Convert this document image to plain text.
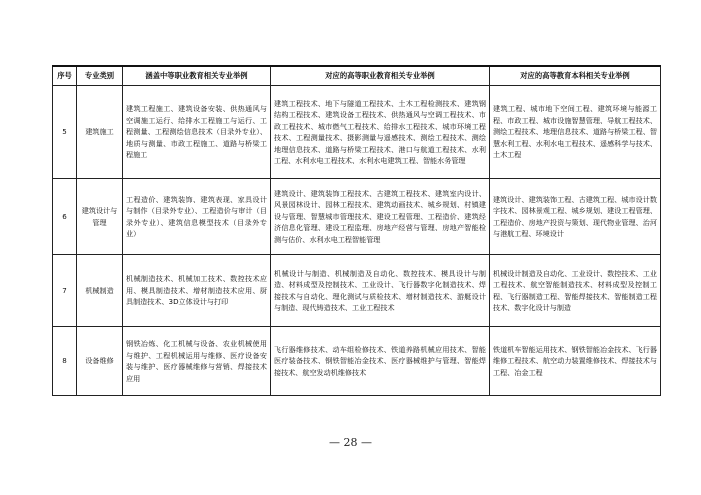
序号	专业类别	涵盖中等职业教育相关专业举例	对应的高等职业教育相关专业举例	对应的高等教育本科相关专业举例
5	建筑施工	建筑工程施工、建筑设备安装、供热通风与空调施工运行、给排水工程施工与运行、工程测量、工程测绘信息技术（目录外专业）、地质与测量、市政工程施工、道路与桥梁工程施工	建筑工程技术、地下与隧道工程技术、土木工程检测技术、建筑钢结构工程技术、建筑设备工程技术、供热通风与空调工程技术、市政工程技术、城市燃气工程技术、给排水工程技术、城市环境工程技术、工程测量技术、摄影测量与遥感技术、测绘工程技术、测绘地理信息技术、道路与桥梁工程技术、港口与航道工程技术、水利工程、水利水电工程技术、水利水电建筑工程、智能水务管理	建筑工程、城市地下空间工程、建筑环境与能源工程、市政工程、城市设施智慧管理、导航工程技术、测绘工程技术、地理信息技术、道路与桥梁工程、智慧水利工程、水利水电工程技术、遥感科学与技术、土木工程
6	建筑设计与管理	工程造价、建筑装饰、建筑表现、家具设计与制作（目录外专业）、工程造价与审计（目录外专业）、建筑信息模型技术（目录外专业）	建筑设计、建筑装饰工程技术、古建筑工程技术、建筑室内设计、风景园林设计、园林工程技术、建筑动画技术、城乡规划、村镇建设与管理、智慧城市管理技术、建设工程管理、工程造价、建筑经济信息化管理、建设工程监理、房地产经营与管理、房地产智能检测与估价、水利水电工程智能管理	建筑设计、建筑装饰工程、古建筑工程、城市设计数字技术、园林景观工程、城乡规划、建设工程管理、工程造价、房地产投资与策划、现代物业管理、治河与港航工程、环境设计
7	机械制造	机械制造技术、机械加工技术、数控技术应用、模具制造技术、增材制造技术应用、厨具制造技术、3D立体设计与打印	机械设计与制造、机械制造及自动化、数控技术、模具设计与制造、材料成型及控制技术、工业设计、飞行器数字化制造技术、焊接技术与自动化、理化测试与质检技术、增材制造技术、游艇设计与制造、现代铸造技术、工业工程技术	机械设计制造及自动化、工业设计、数控技术、工业工程技术、航空智能制造技术、材料成型及控制工程、飞行器制造工程、智能焊接技术、智能制造工程技术、数字化设计与制造
8	设备维修	钢铁冶炼、化工机械与设备、农业机械使用与维护、工程机械运用与维修、医疗设备安装与维护、医疗器械维修与营销、焊接技术应用	飞行器维修技术、动车组检修技术、铁道养路机械应用技术、智能医疗装备技术、钢铁智能冶金技术、医疗器械维护与管理、智能焊接技术、航空发动机维修技术	铁道机车智能运用技术、钢铁智能冶金技术、飞行器维修工程技术、航空动力装置维修技术、焊接技术与工程、冶金工程
— 28 —
